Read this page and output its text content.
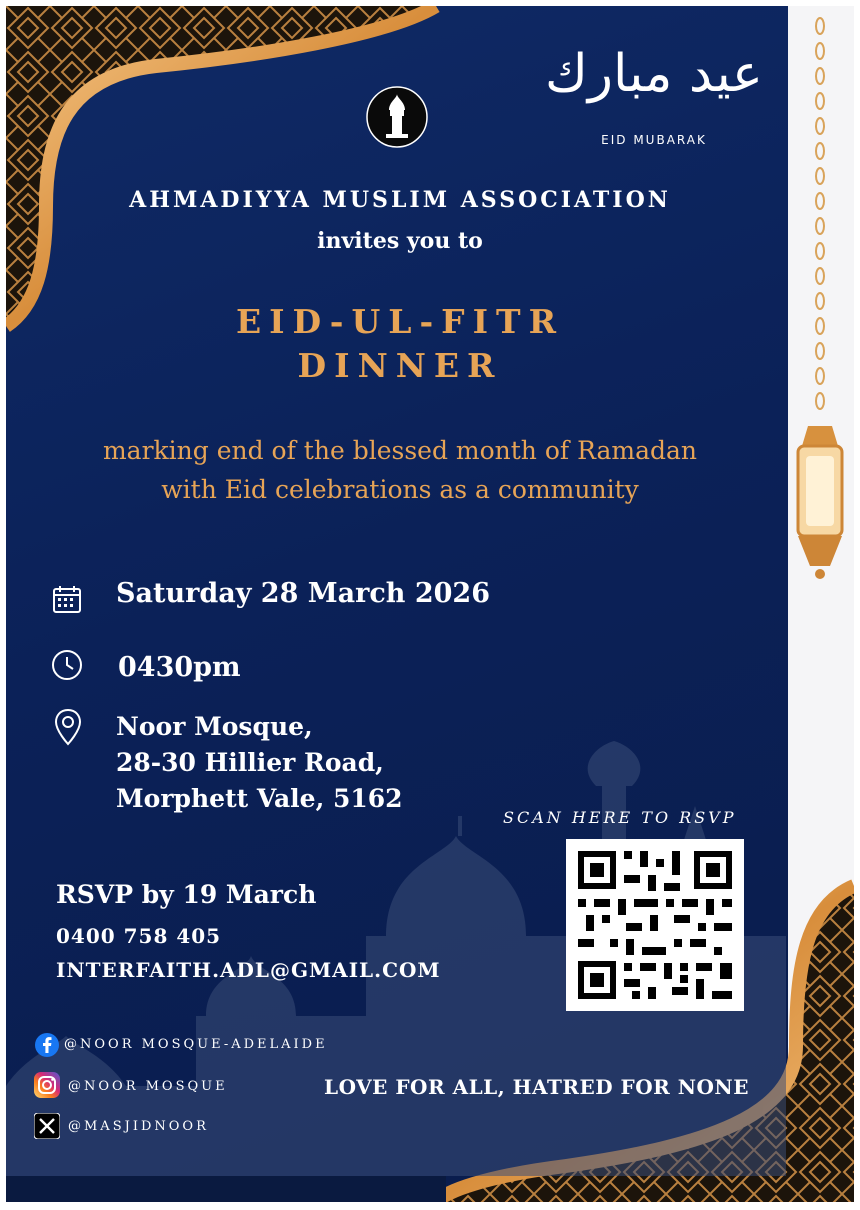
عيد مبارك
EID MUBARAK
AHMADIYYA MUSLIM ASSOCIATION
invites you to
EID-UL-FITR
DINNER
marking end of the blessed month of Ramadan
with Eid celebrations as a community
Saturday 28 March 2026
0430pm
Noor Mosque,
28-30 Hillier Road,
Morphett Vale, 5162
SCAN HERE TO RSVP
RSVP by 19 March
0400 758 405
INTERFAITH.ADL@GMAIL.COM
@NOOR MOSQUE-ADELAIDE
@NOOR MOSQUE
@MASJIDNOOR
LOVE FOR ALL, HATRED FOR NONE
